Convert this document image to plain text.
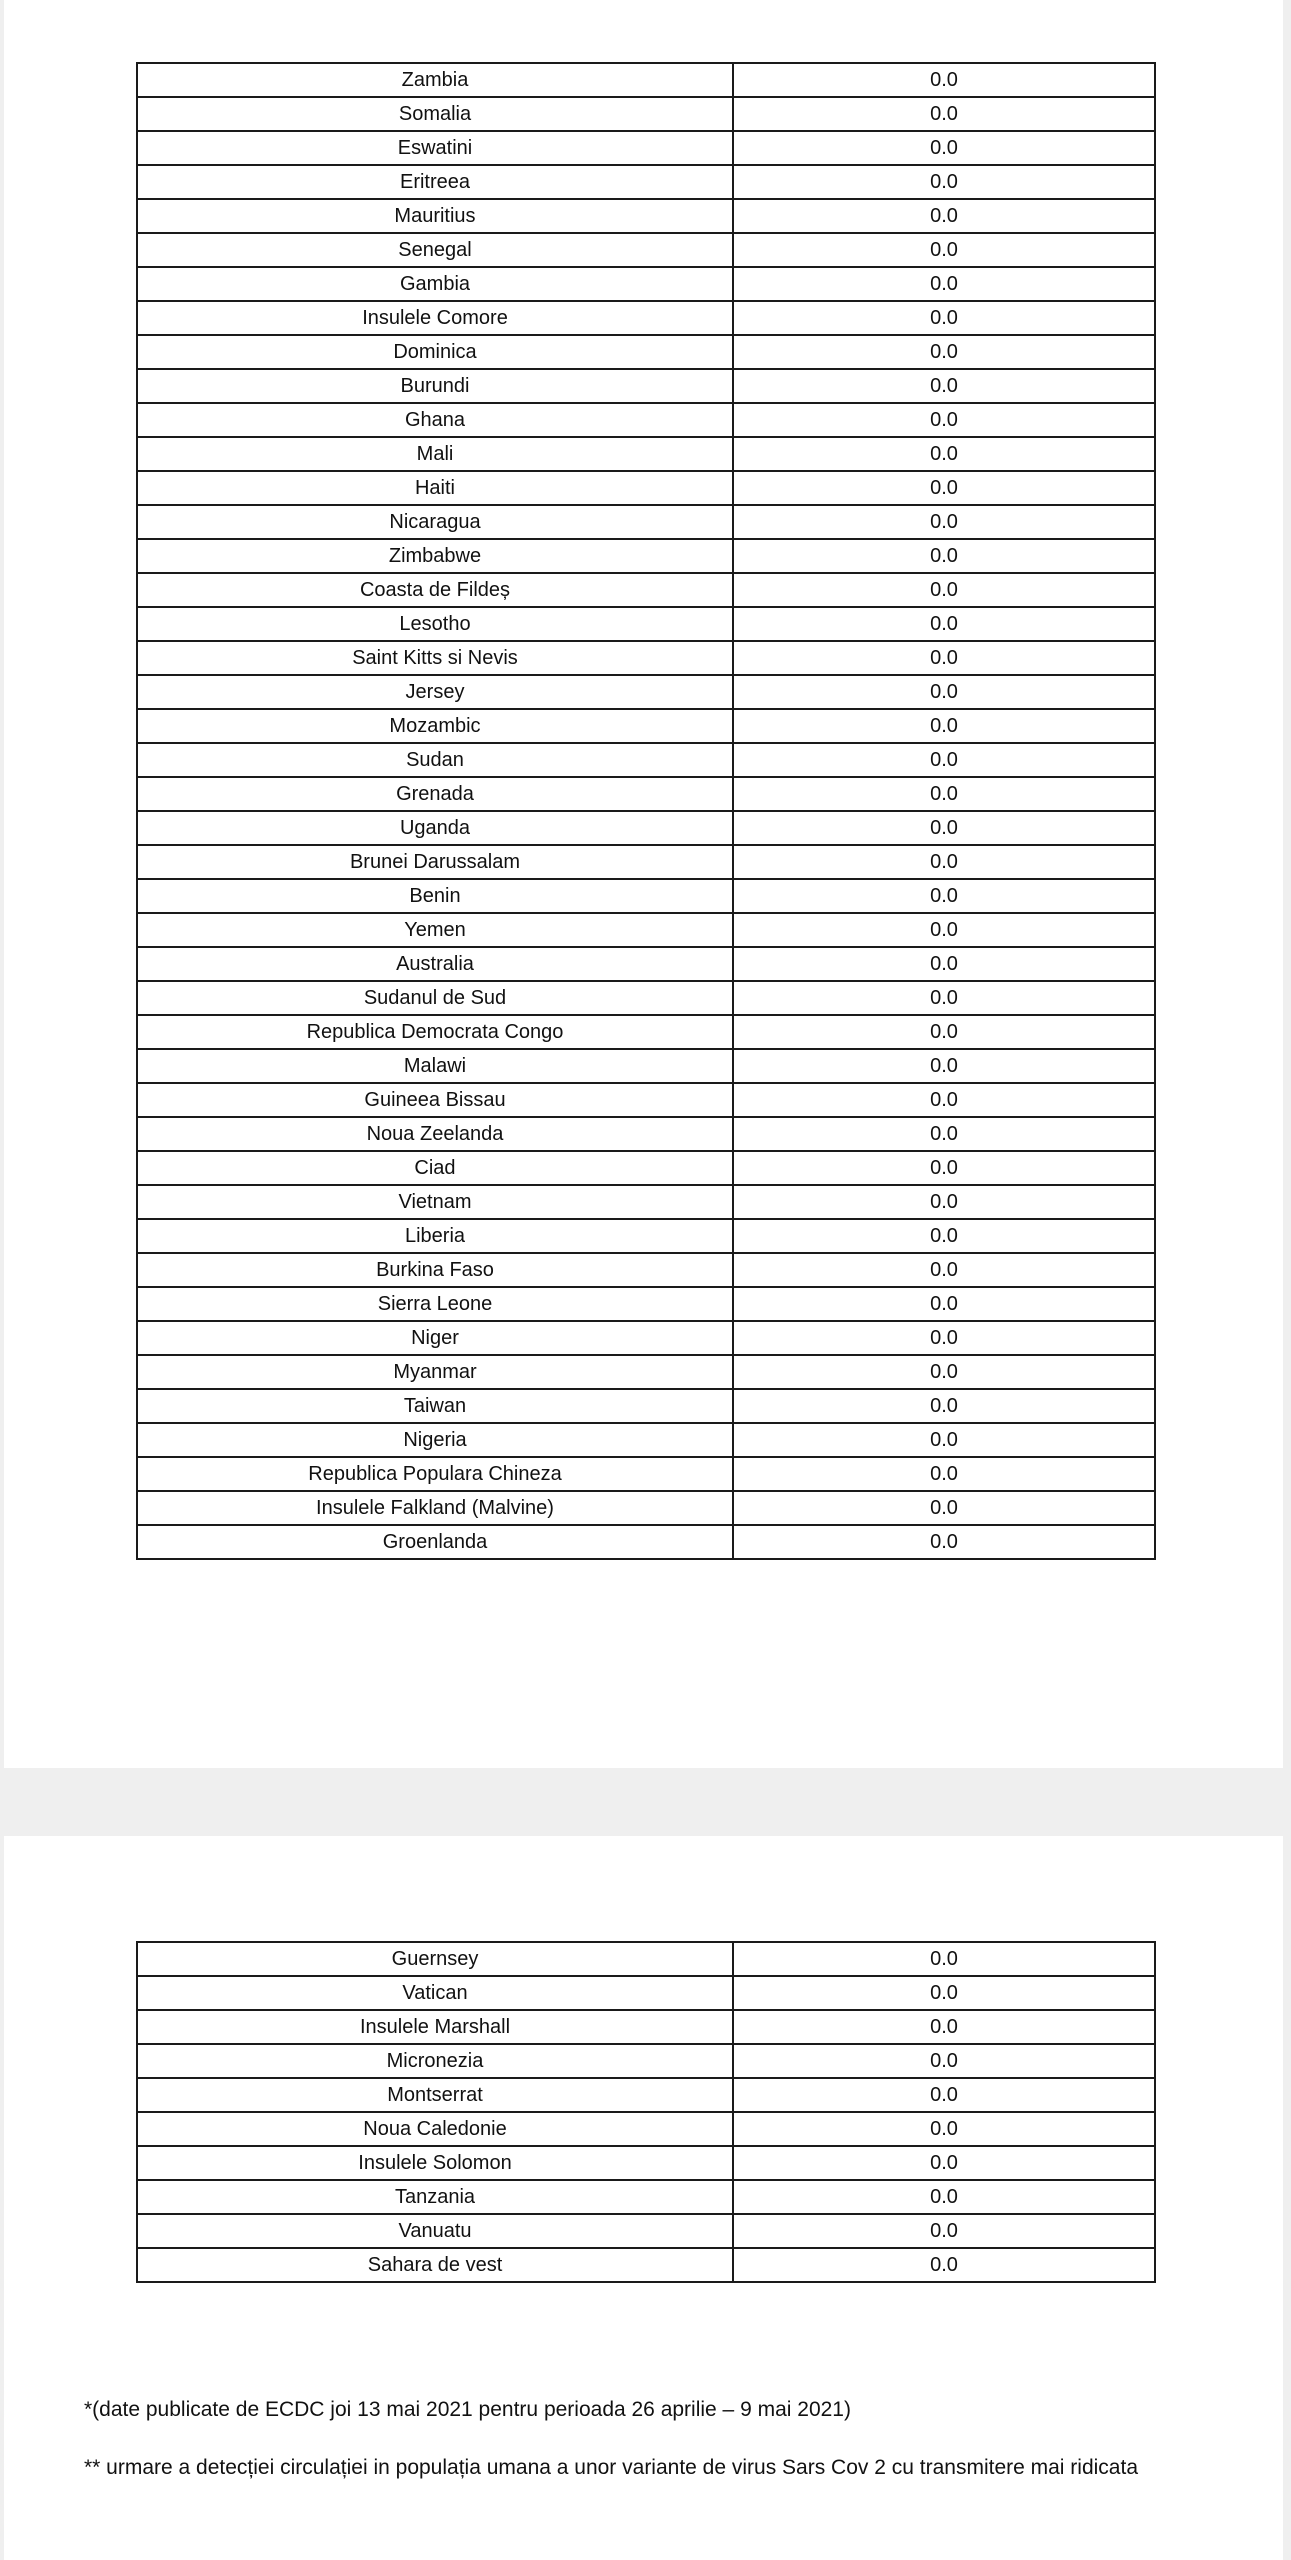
Zambia	0.0
Somalia	0.0
Eswatini	0.0
Eritreea	0.0
Mauritius	0.0
Senegal	0.0
Gambia	0.0
Insulele Comore	0.0
Dominica	0.0
Burundi	0.0
Ghana	0.0
Mali	0.0
Haiti	0.0
Nicaragua	0.0
Zimbabwe	0.0
Coasta de Fildeș	0.0
Lesotho	0.0
Saint Kitts si Nevis	0.0
Jersey	0.0
Mozambic	0.0
Sudan	0.0
Grenada	0.0
Uganda	0.0
Brunei Darussalam	0.0
Benin	0.0
Yemen	0.0
Australia	0.0
Sudanul de Sud	0.0
Republica Democrata Congo	0.0
Malawi	0.0
Guineea Bissau	0.0
Noua Zeelanda	0.0
Ciad	0.0
Vietnam	0.0
Liberia	0.0
Burkina Faso	0.0
Sierra Leone	0.0
Niger	0.0
Myanmar	0.0
Taiwan	0.0
Nigeria	0.0
Republica Populara Chineza	0.0
Insulele Falkland (Malvine)	0.0
Groenlanda	0.0
Guernsey	0.0
Vatican	0.0
Insulele Marshall	0.0
Micronezia	0.0
Montserrat	0.0
Noua Caledonie	0.0
Insulele Solomon	0.0
Tanzania	0.0
Vanuatu	0.0
Sahara de vest	0.0
*(date publicate de ECDC joi 13 mai 2021 pentru perioada 26 aprilie – 9 mai 2021)
** urmare a detecției circulației in populația umana a unor variante de virus Sars Cov 2 cu transmitere mai ridicata
